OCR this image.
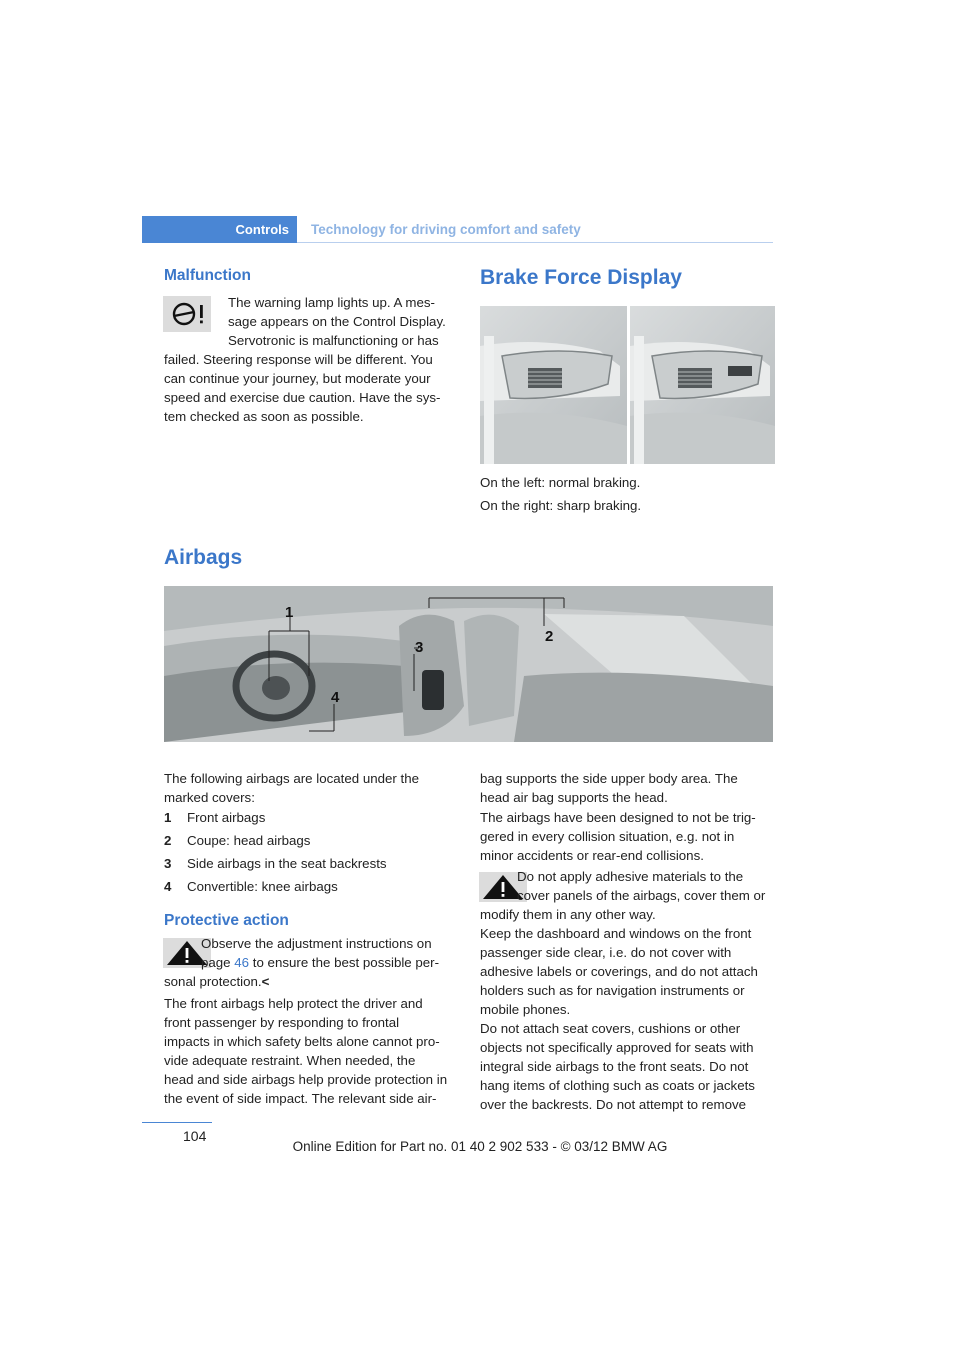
Controls	Technology for driving comfort and safety
Malfunction
The warning lamp lights up. A mes-
sage appears on the Control Display.
Servotronic is malfunctioning or has
failed. Steering response will be different. You
can continue your journey, but moderate your
speed and exercise due caution. Have the sys-
tem checked as soon as possible.
Brake Force Display
On the left: normal braking.
On the right: sharp braking.
Airbags
1
2
3
4
The following airbags are located under the
marked covers:
1 Front airbags
2 Coupe: head airbags
3 Side airbags in the seat backrests
4 Convertible: knee airbags
Protective action
Observe the adjustment instructions on
page 46 to ensure the best possible per-
sonal protection.<
The front airbags help protect the driver and
front passenger by responding to frontal
impacts in which safety belts alone cannot pro-
vide adequate restraint. When needed, the
head and side airbags help provide protection in
the event of side impact. The relevant side air-
bag supports the side upper body area. The
head air bag supports the head.
The airbags have been designed to not be trig-
gered in every collision situation, e.g. not in
minor accidents or rear-end collisions.
Do not apply adhesive materials to the
cover panels of the airbags, cover them or
modify them in any other way.
Keep the dashboard and windows on the front
passenger side clear, i.e. do not cover with
adhesive labels or coverings, and do not attach
holders such as for navigation instruments or
mobile phones.
Do not attach seat covers, cushions or other
objects not specifically approved for seats with
integral side airbags to the front seats. Do not
hang items of clothing such as coats or jackets
over the backrests. Do not attempt to remove
104
Online Edition for Part no. 01 40 2 902 533 - © 03/12 BMW AG
